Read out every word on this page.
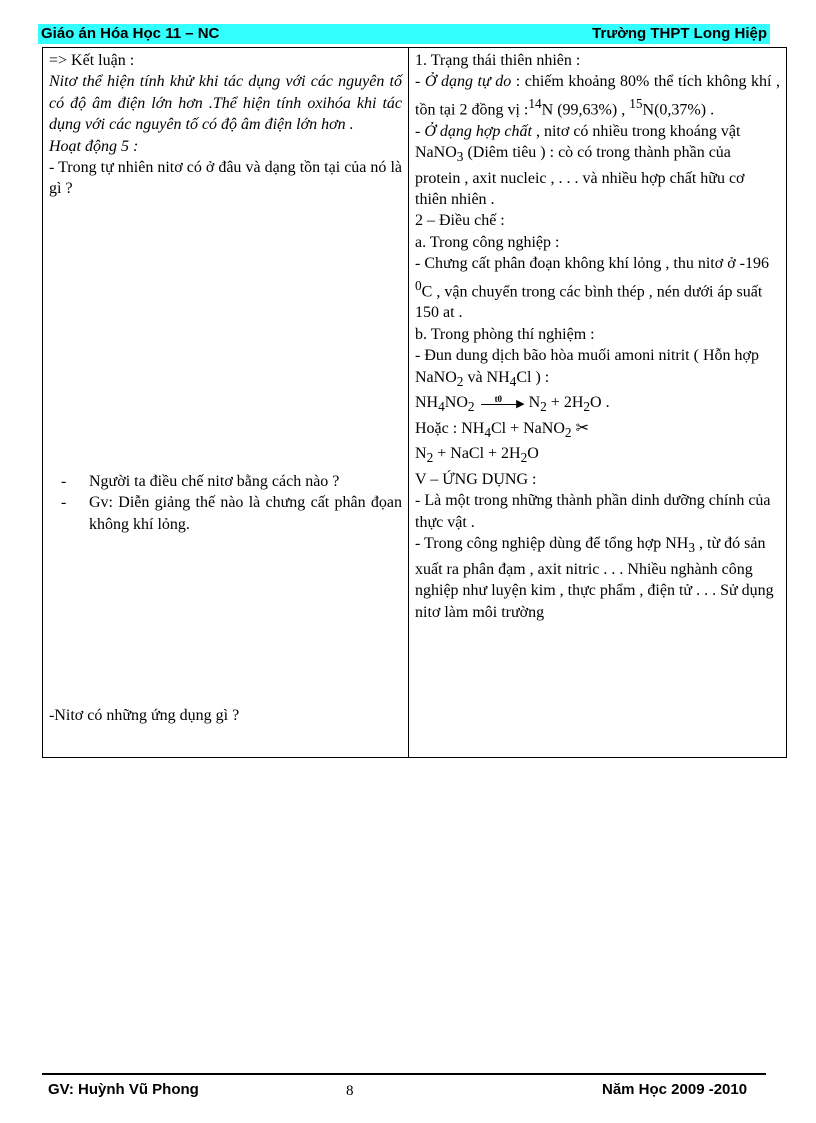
Giáo án Hóa Học 11 – NC	Trường THPT Long Hiệp
=> Kết luận :
Nitơ thể hiện tính khử khi tác dụng với các nguyên tố có độ âm điện lớn hơn .Thể hiện tính oxihóa khi tác dụng với các nguyên tố có độ âm điện lớn hơn .
Hoạt động 5 :
- Trong tự nhiên nitơ có ở đâu và dạng tồn tại của nó là gì ?
-	Người ta điều chế nitơ bằng cách nào ?
-	Gv: Diễn giảng thế nào là chưng cất phân đọan không khí lỏng.
-Nitơ có những ứng dụng gì ?

1. Trạng thái thiên nhiên :
- Ở dạng tự do : chiếm khoảng 80% thể tích không khí , tồn tại 2 đồng vị :$^{14}$N (99,63%) , $^{15}$N(0,37%) .
- Ở dạng hợp chất , nitơ có nhiều trong khoáng vật NaNO$_3$ (Diêm tiêu ) : cò có trong thành phần của protein , axit nucleic , . . . và nhiều hợp chất hữu cơ thiên nhiên .
2 – Điều chế :
a. Trong công nghiệp :
- Chưng cất phân đoạn không khí lỏng , thu nitơ ở -196 $^0$C , vận chuyển trong các bình thép , nén dưới áp suất 150 at .
b. Trong phòng thí nghiệm :
- Đun dung dịch bão hòa muối amoni nitrit ( Hỗn hợp NaNO$_2$ và $NH_4Cl$ ) :
$NH_4NO_2$ t0 ▶ $N_2 + 2H_2O$ .
Hoặc : $NH_4Cl$ + NaNO$_2$ ✂
$N_2$ + NaCl + $2H_2O$
V – ỨNG DỤNG :
- Là một trong những thành phần dinh dưỡng chính của thực vật .
- Trong công nghiệp dùng để tổng hợp $NH_3$ , từ đó sản xuất ra phân đạm , axit nitric . . . Nhiều nghành công nghiệp như luyện kim , thực phẩm , điện tử . . . Sử dụng nitơ làm môi trường
GV: Huỳnh Vũ Phong	8	Năm Học 2009 -2010
